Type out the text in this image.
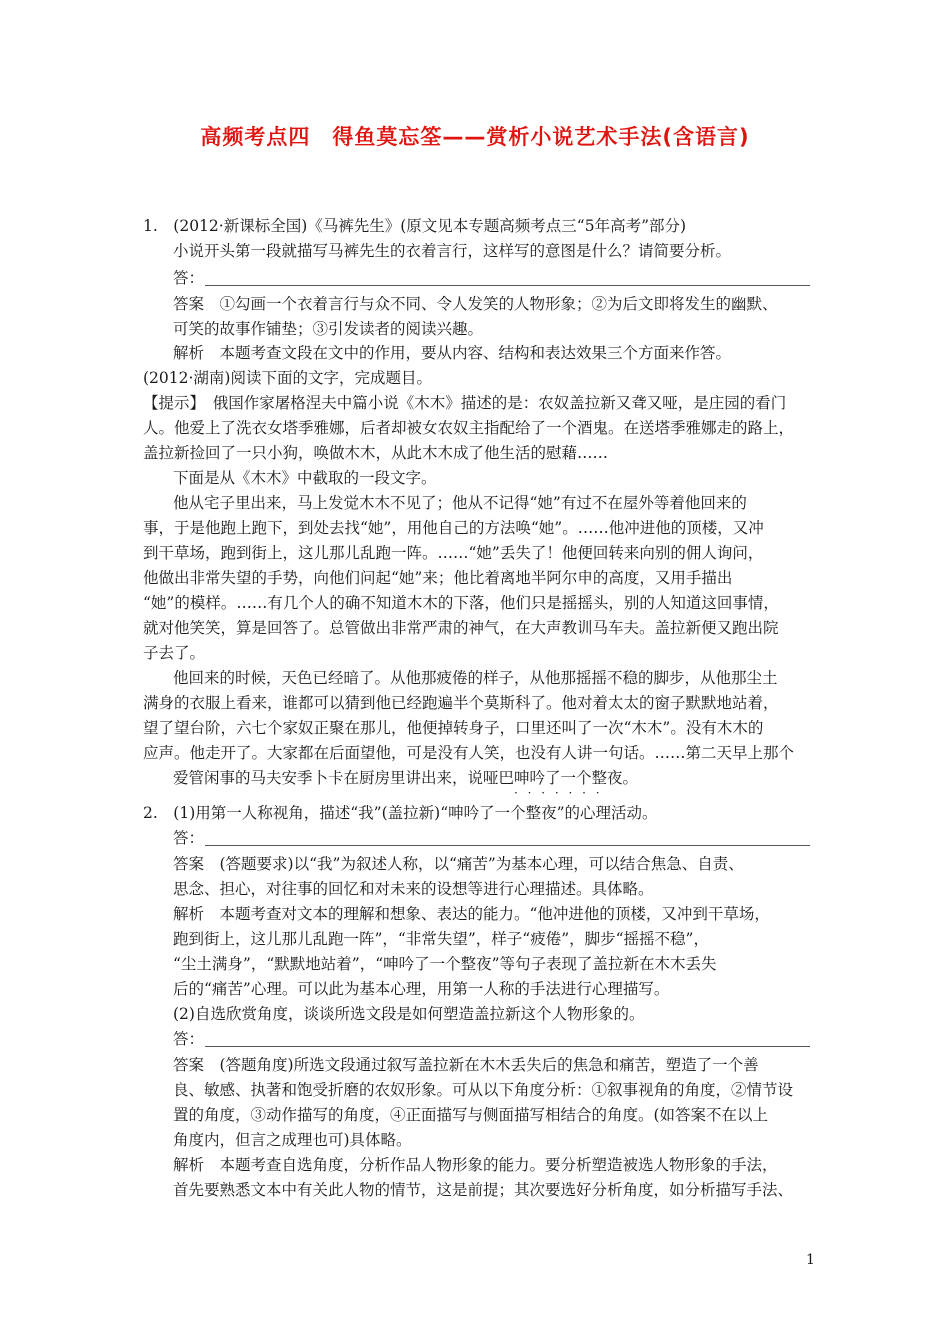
高频考点四　得鱼莫忘筌——赏析小说艺术手法(含语言)
1.　(2012·新课标全国)《马裤先生》(原文见本专题高频考点三“5年高考”部分)
小说开头第一段就描写马裤先生的衣着言行，这样写的意图是什么？请简要分析。
答：
答案　①勾画一个衣着言行与众不同、令人发笑的人物形象；②为后文即将发生的幽默、
可笑的故事作铺垫；③引发读者的阅读兴趣。
解析　本题考查文段在文中的作用，要从内容、结构和表达效果三个方面来作答。
(2012·湖南)阅读下面的文字，完成题目。
【提示】　俄国作家屠格涅夫中篇小说《木木》描述的是：农奴盖拉新又聋又哑，是庄园的看门
人。他爱上了洗衣女塔季雅娜，后者却被女农奴主指配给了一个酒鬼。在送塔季雅娜走的路上，
盖拉新捡回了一只小狗，唤做木木，从此木木成了他生活的慰藉……
下面是从《木木》中截取的一段文字。
他从宅子里出来，马上发觉木木不见了；他从不记得“她”有过不在屋外等着他回来的
事，于是他跑上跑下，到处去找“她”，用他自己的方法唤“她”。……他冲进他的顶楼，又冲
到干草场，跑到街上，这儿那儿乱跑一阵。……“她”丢失了！他便回转来向别的佣人询问，
他做出非常失望的手势，向他们问起“她”来；他比着离地半阿尔申的高度，又用手描出
“她”的模样。……有几个人的确不知道木木的下落，他们只是摇摇头，别的人知道这回事情，
就对他笑笑，算是回答了。总管做出非常严肃的神气，在大声教训马车夫。盖拉新便又跑出院
子去了。
他回来的时候，天色已经暗了。从他那疲倦的样子，从他那摇摇不稳的脚步，从他那尘土
满身的衣服上看来，谁都可以猜到他已经跑遍半个莫斯科了。他对着太太的窗子默默地站着，
望了望台阶，六七个家奴正聚在那儿，他便掉转身子，口里还叫了一次“木木”。没有木木的
应声。他走开了。大家都在后面望他，可是没有人笑，也没有人讲一句话。……第二天早上那个
爱管闲事的马夫安季卜卡在厨房里讲出来，说哑巴呻吟了一个整夜 · · ·。
2.　(1)用第一人称视角，描述“我”(盖拉新)“呻吟了一个整夜”的心理活动。
答：
答案　(答题要求)以“我”为叙述人称，以“痛苦”为基本心理，可以结合焦急、自责、
思念、担心，对往事的回忆和对未来的设想等进行心理描述。具体略。
解析　本题考查对文本的理解和想象、表达的能力。“他冲进他的顶楼，又冲到干草场，
跑到街上，这儿那儿乱跑一阵”，“非常失望”，样子“疲倦”，脚步“摇摇不稳”，
“尘土满身”，“默默地站着”，“呻吟了一个整夜”等句子表现了盖拉新在木木丢失
后的“痛苦”心理。可以此为基本心理，用第一人称的手法进行心理描写。
(2)自选欣赏角度，谈谈所选文段是如何塑造盖拉新这个人物形象的。
答：
答案　(答题角度)所选文段通过叙写盖拉新在木木丢失后的焦急和痛苦，塑造了一个善
良、敏感、执著和饱受折磨的农奴形象。可从以下角度分析：①叙事视角的角度，②情节设
置的角度，③动作描写的角度，④正面描写与侧面描写相结合的角度。(如答案不在以上
角度内，但言之成理也可)具体略。
解析　本题考查自选角度，分析作品人物形象的能力。要分析塑造被选人物形象的手法，
首先要熟悉文本中有关此人物的情节，这是前提；其次要选好分析角度，如分析描写手法、
1
